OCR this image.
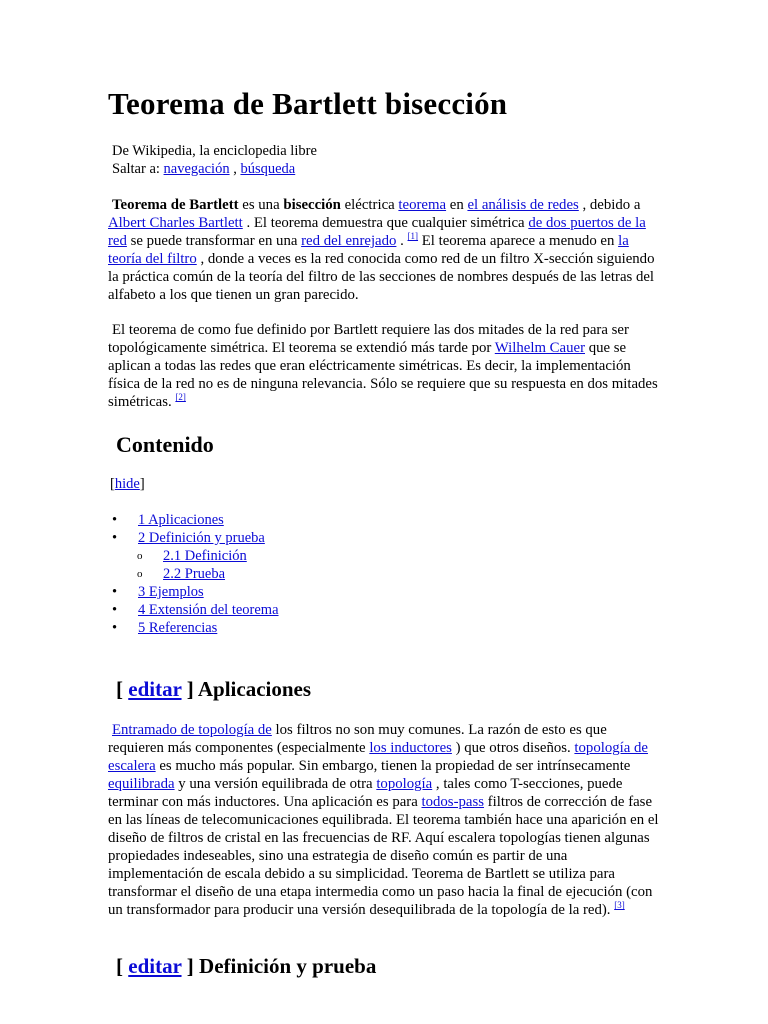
Teorema de Bartlett bisección
De Wikipedia, la enciclopedia libre
Saltar a: navegación , búsqueda

Teorema de Bartlett es una bisección eléctrica teorema en el análisis de redes , debido a Albert Charles Bartlett . El teorema demuestra que cualquier simétrica de dos puertos de la red se puede transformar en una red del enrejado . [1] El teorema aparece a menudo en la teoría del filtro , donde a veces es la red conocida como red de un filtro X-sección siguiendo la práctica común de la teoría del filtro de las secciones de nombres después de las letras del alfabeto a los que tienen un gran parecido.

El teorema de como fue definido por Bartlett requiere las dos mitades de la red para ser topológicamente simétrica. El teorema se extendió más tarde por Wilhelm Cauer que se aplican a todas las redes que eran eléctricamente simétricas. Es decir, la implementación física de la red no es de ninguna relevancia. Sólo se requiere que su respuesta en dos mitades simétricas. [2]

Contenido
[hide]
• 1 Aplicaciones
• 2 Definición y prueba
o 2.1 Definición
o 2.2 Prueba
• 3 Ejemplos
• 4 Extensión del teorema
• 5 Referencias
[ editar ] Aplicaciones

Entramado de topología de los filtros no son muy comunes. La razón de esto es que requieren más componentes (especialmente los inductores ) que otros diseños. topología de escalera es mucho más popular. Sin embargo, tienen la propiedad de ser intrínsecamente equilibrada y una versión equilibrada de otra topología , tales como T-secciones, puede terminar con más inductores. Una aplicación es para todos-pass filtros de corrección de fase en las líneas de telecomunicaciones equilibrada. El teorema también hace una aparición en el diseño de filtros de cristal en las frecuencias de RF. Aquí escalera topologías tienen algunas propiedades indeseables, sino una estrategia de diseño común es partir de una implementación de escala debido a su simplicidad. Teorema de Bartlett se utiliza para transformar el diseño de una etapa intermedia como un paso hacia la final de ejecución (con un transformador para producir una versión desequilibrada de la topología de la red). [3]

[ editar ] Definición y prueba
